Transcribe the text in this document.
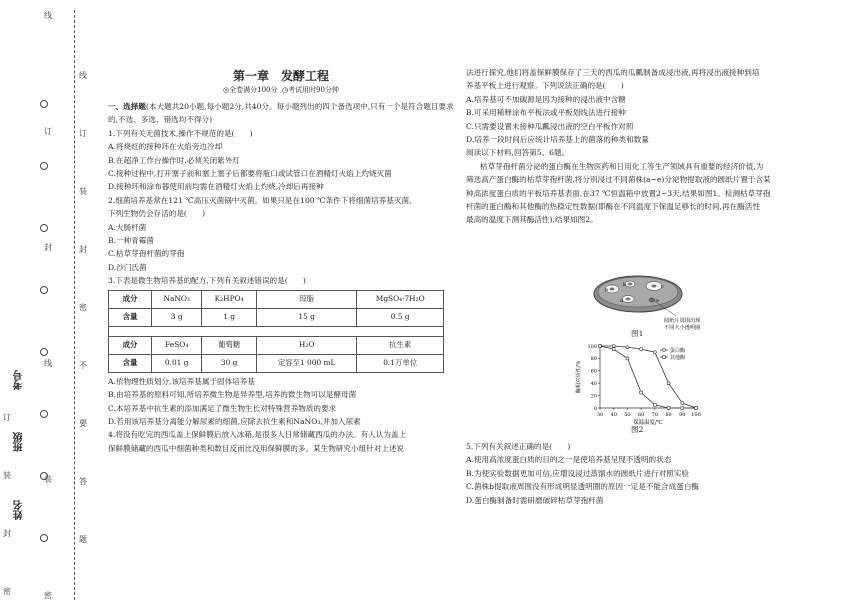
密
封
装
订
姓名
班级
考号
线
订
封
线
装
密
线
订
装
封
密
不
要
答
题
第一章　发酵工程
◎全卷满分100分 ◷考试用时90分钟

一、选择题(本大题共20小题,每小题2分,共40分。每小题列出的四个备选项中,只有一个是符合题目要求的,不选、多选、错选均不得分)

1.下列有关无菌技术,操作不规范的是(　　)

A.将烧红的接种环在火焰旁边冷却

B.在超净工作台操作时,必须关闭紫外灯

C.接种过程中,打开塞子前和塞上塞子后都要将瓶口或试管口在酒精灯火焰上灼烧灭菌

D.接种环和涂布器使用前均需在酒精灯火焰上灼烧,冷却后再接种

2.细菌培养基常在121 ℃高压灭菌锅中灭菌。如果只是在100 ℃条件下将细菌培养基灭菌,

下列生物仍会存活的是(　　)

A.大肠杆菌

B.一种青霉菌

C.枯草芽孢杆菌的芽孢

D.沙门氏菌

3.下表是微生物培养基的配方,下列有关叙述错误的是(　　)

成分	NaNO₃	K₂HPO₄	琼脂	MgSO₄·7H₂O
含量	3 g	1 g	15 g	0.5 g

成分	FeSO₄	葡萄糖	H₂O	抗生素
含量	0.01 g	30 g	定容至1 000 mL	0.1万单位

A.依物理性质划分,该培养基属于固体培养基

B.由培养基的原料可知,所培养微生物是异养型,培养的微生物可以是酵母菌

C.本培养基中抗生素的添加满足了微生物生长对特殊营养物质的要求

D.若用该培养基分离能分解尿素的细菌,应除去抗生素和NaNO₃,并加入尿素

4.将没有吃完的西瓜盖上保鲜膜后放入冰箱,是很多人日常储藏西瓜的办法。有人认为盖上

保鲜膜储藏的西瓜中细菌种类和数目反而比没用保鲜膜的多。某生物研究小组针对上述说

法进行探究,他们将盖保鲜膜保存了三天的西瓜的瓜瓤制备成浸出液,再将浸出液接种到培

养基平板上进行观察。下列说法正确的是(　　)

A.培养基可不加碳源是因为接种的浸出液中含糖

B.可采用稀释涂布平板法或平板划线法进行接种

C.只需要设置未接种瓜瓤浸出液的空白平板作对照

D.培养一段时间后应统计培养基上的菌落的种类和数量

阅读以下材料,回答第5、6题。

枯草芽孢杆菌分泌的蛋白酶在生物医药和日用化工等生产领域具有重要的经济价值,为

筛选高产蛋白酶的枯草芽孢杆菌,将分别浸过不同菌株(a~e)分泌物提取液的圆纸片置于含某

种高浓度蛋白质的平板培养基表面,在37 ℃恒温箱中放置2~3天,结果如图1。检测枯草芽孢

杆菌的蛋白酶和其他酶的热稳定性数据(即酶在不同温度下保温足够长的时间,再在酶活性

最高的温度下测其酶活性),结果如图2。

a
b	c
d	e
圆纸片周围出现
不同大小透明圈
图1
0
20
40
60
80
100
30 40 50 60 70 80 90 100
保温温度/℃
酶相对活性/%
蛋白酶
其他酶
图2

5.下列有关叙述正确的是(　　)

A.使用高浓度蛋白质的目的之一是使培养基呈现不透明的状态

B.为使实验数据更加可信,应增设浸过蒸馏水的圆纸片进行对照实验

C.菌株b提取液周围没有形成明显透明圈的原因一定是不能合成蛋白酶

D.蛋白酶制备时需研磨破碎枯草芽孢杆菌
